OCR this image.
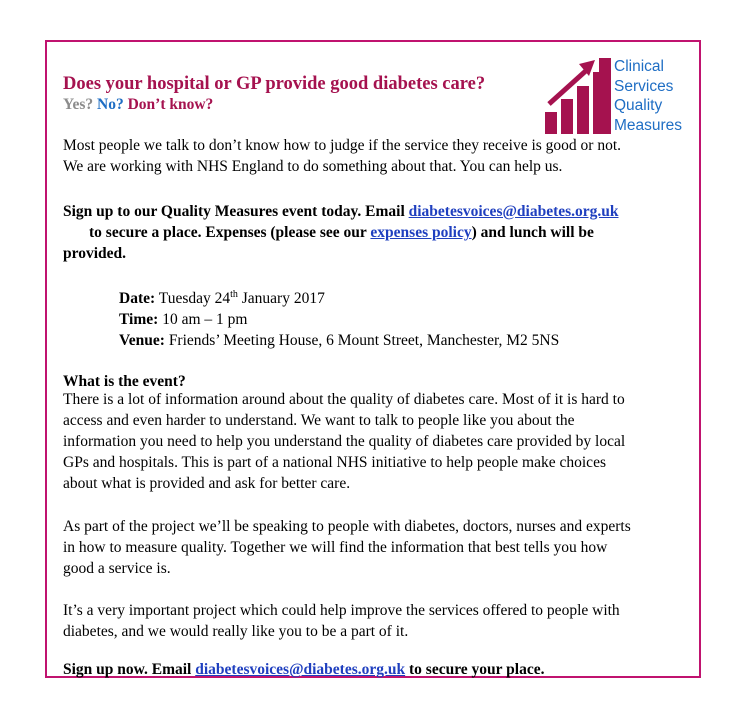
Does your hospital or GP provide good diabetes care?
Yes? No? Don’t know?
Clinical
Services
Quality
Measures
Most people we talk to don’t know how to judge if the service they receive is good or not.
We are working with NHS England to do something about that. You can help us.
Sign up to our Quality Measures event today. Email diabetesvoices@diabetes.org.uk
to secure a place. Expenses (please see our expenses policy) and lunch will be
provided.
Date: Tuesday 24th January 2017
Time: 10 am – 1 pm
Venue: Friends’ Meeting House, 6 Mount Street, Manchester, M2 5NS
What is the event?
There is a lot of information around about the quality of diabetes care. Most of it is hard to
access and even harder to understand. We want to talk to people like you about the
information you need to help you understand the quality of diabetes care provided by local
GPs and hospitals. This is part of a national NHS initiative to help people make choices
about what is provided and ask for better care.
As part of the project we’ll be speaking to people with diabetes, doctors, nurses and experts
in how to measure quality. Together we will find the information that best tells you how
good a service is.
It’s a very important project which could help improve the services offered to people with
diabetes, and we would really like you to be a part of it.
Sign up now. Email diabetesvoices@diabetes.org.uk to secure your place.
